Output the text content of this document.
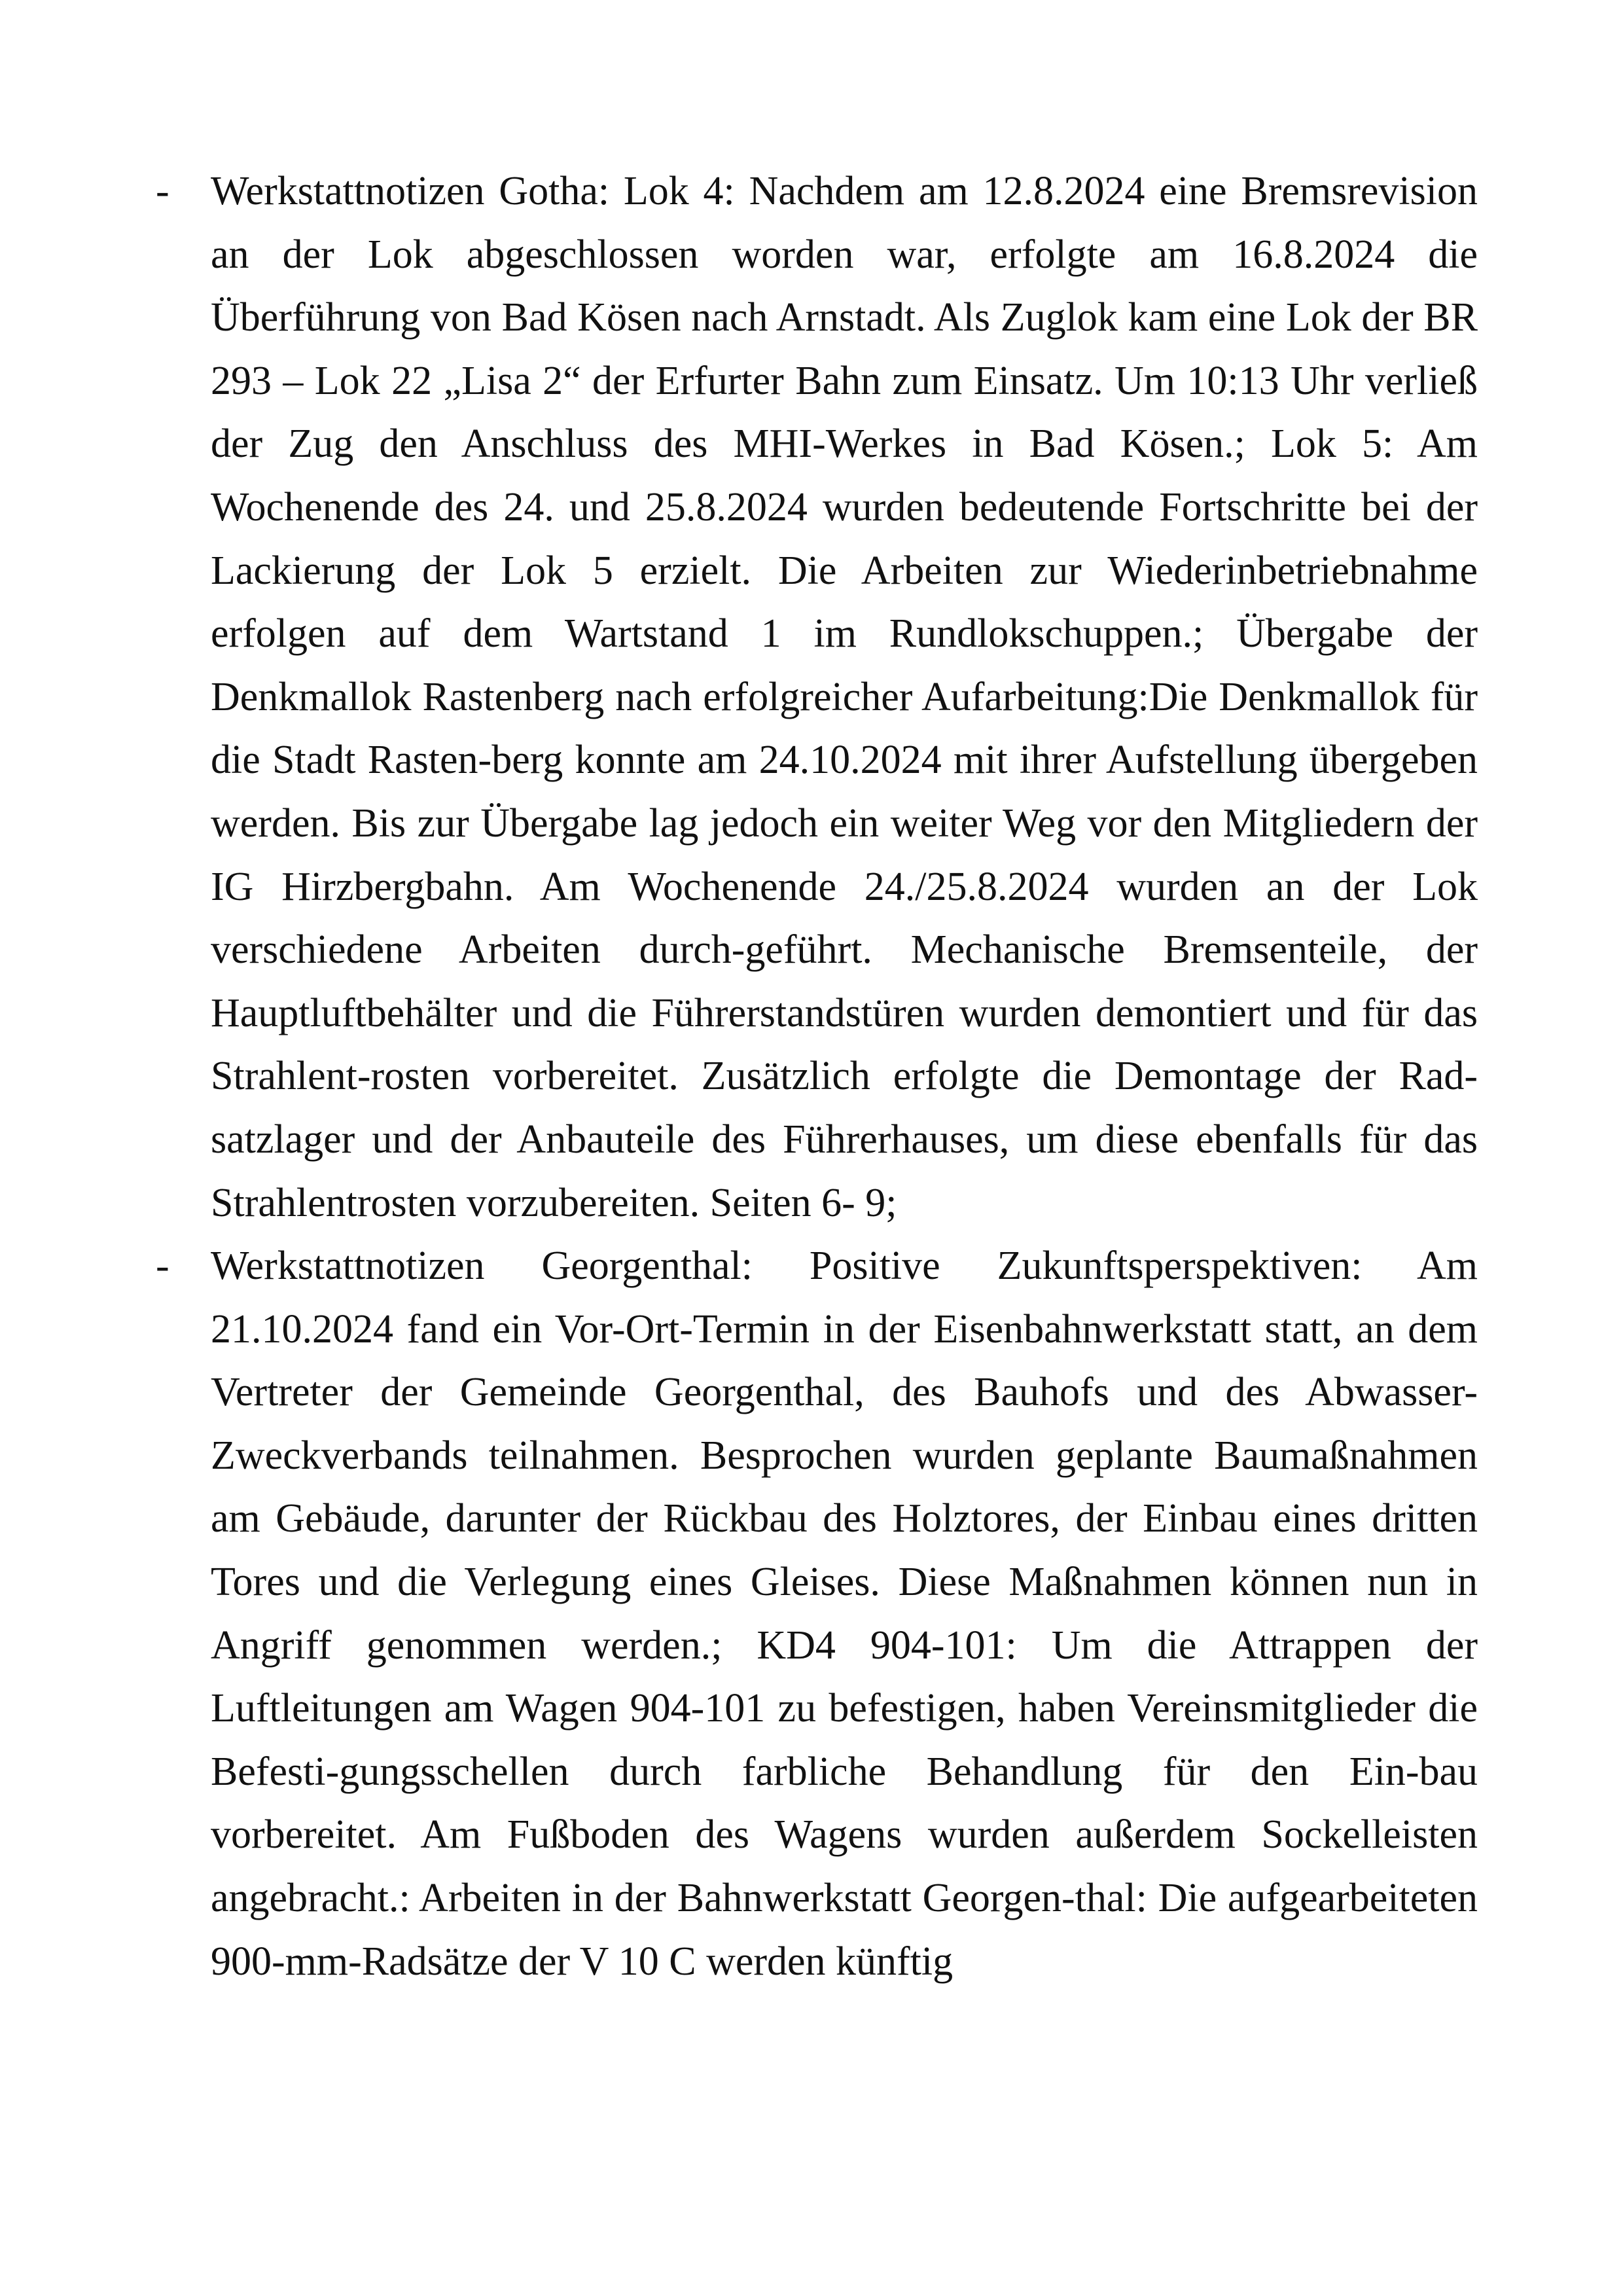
- Werkstattnotizen Gotha: Lok 4: Nachdem am 12.8.2024 eine Bremsrevision an der Lok abgeschlossen worden war, erfolgte am 16.8.2024 die Überführung von Bad Kösen nach Arnstadt. Als Zuglok kam eine Lok der BR 293 – Lok 22 „Lisa 2“ der Erfurter Bahn zum Einsatz. Um 10:13 Uhr verließ der Zug den Anschluss des MHI-Werkes in Bad Kösen.; Lok 5: Am Wochenende des 24. und 25.8.2024 wurden bedeutende Fortschritte bei der Lackierung der Lok 5 erzielt. Die Arbeiten zur Wiederinbetriebnahme erfolgen auf dem Wartstand 1 im Rundlokschuppen.; Übergabe der Denkmallok Rastenberg nach erfolgreicher Aufarbeitung:Die Denkmallok für die Stadt Rasten-berg konnte am 24.10.2024 mit ihrer Aufstellung übergeben werden. Bis zur Übergabe lag jedoch ein weiter Weg vor den Mitgliedern der IG Hirzbergbahn. Am Wochenende 24./25.8.2024 wurden an der Lok verschiedene Arbeiten durch-geführt. Mechanische Bremsenteile, der Hauptluftbehälter und die Führerstandstüren wurden demontiert und für das Strahlent-rosten vorbereitet. Zusätzlich erfolgte die Demontage der Rad-satzlager und der Anbauteile des Führerhauses, um diese ebenfalls für das Strahlentrosten vorzubereiten. Seiten 6- 9;

- Werkstattnotizen Georgenthal: Positive Zukunftsperspektiven: Am 21.10.2024 fand ein Vor-Ort-Termin in der Eisenbahnwerkstatt statt, an dem Vertreter der Gemeinde Georgenthal, des Bauhofs und des Abwasser-Zweckverbands teilnahmen. Besprochen wurden geplante Baumaßnahmen am Gebäude, darunter der Rückbau des Holztores, der Einbau eines dritten Tores und die Verlegung eines Gleises. Diese Maßnahmen können nun in Angriff genommen werden.; KD4 904-101: Um die Attrappen der Luftleitungen am Wagen 904-101 zu befestigen, haben Vereinsmitglieder die Befesti-gungsschellen durch farbliche Behandlung für den Ein-bau vorbereitet. Am Fußboden des Wagens wurden außerdem Sockelleisten angebracht.: Arbeiten in der Bahnwerkstatt Georgen-thal: Die aufgearbeiteten 900-mm-Radsätze der V 10 C werden künftig
